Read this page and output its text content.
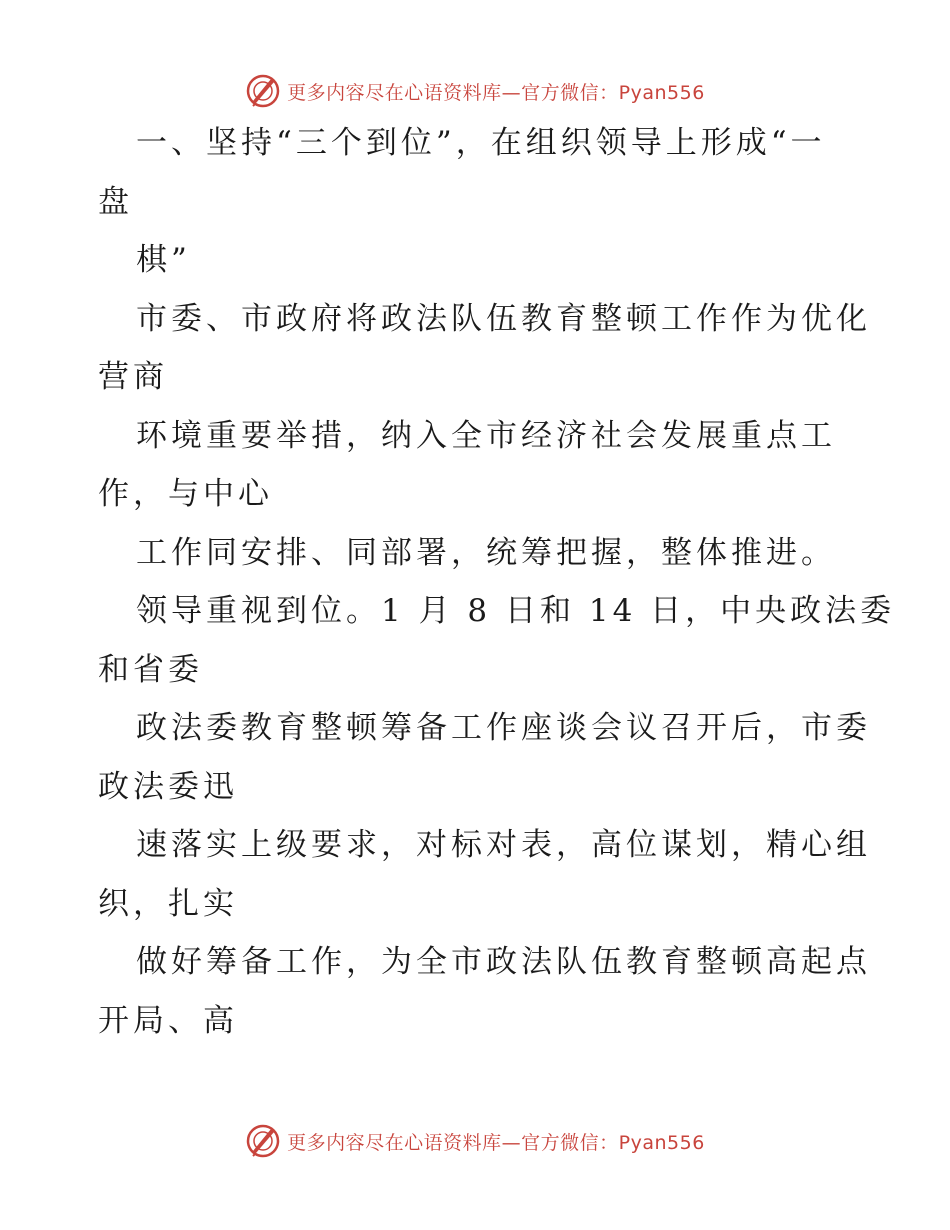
更多内容尽在心语资料库—官方微信：Pyan556
一、坚持“三个到位”，在组织领导上形成“一
盘
棋”
市委、市政府将政法队伍教育整顿工作作为优化
营商
环境重要举措，纳入全市经济社会发展重点工
作，与中心
工作同安排、同部署，统筹把握，整体推进。
领导重视到位。1 月 8 日和 14 日，中央政法委
和省委
政法委教育整顿筹备工作座谈会议召开后，市委
政法委迅
速落实上级要求，对标对表，高位谋划，精心组
织，扎实
做好筹备工作，为全市政法队伍教育整顿高起点
开局、高
更多内容尽在心语资料库—官方微信：Pyan556
